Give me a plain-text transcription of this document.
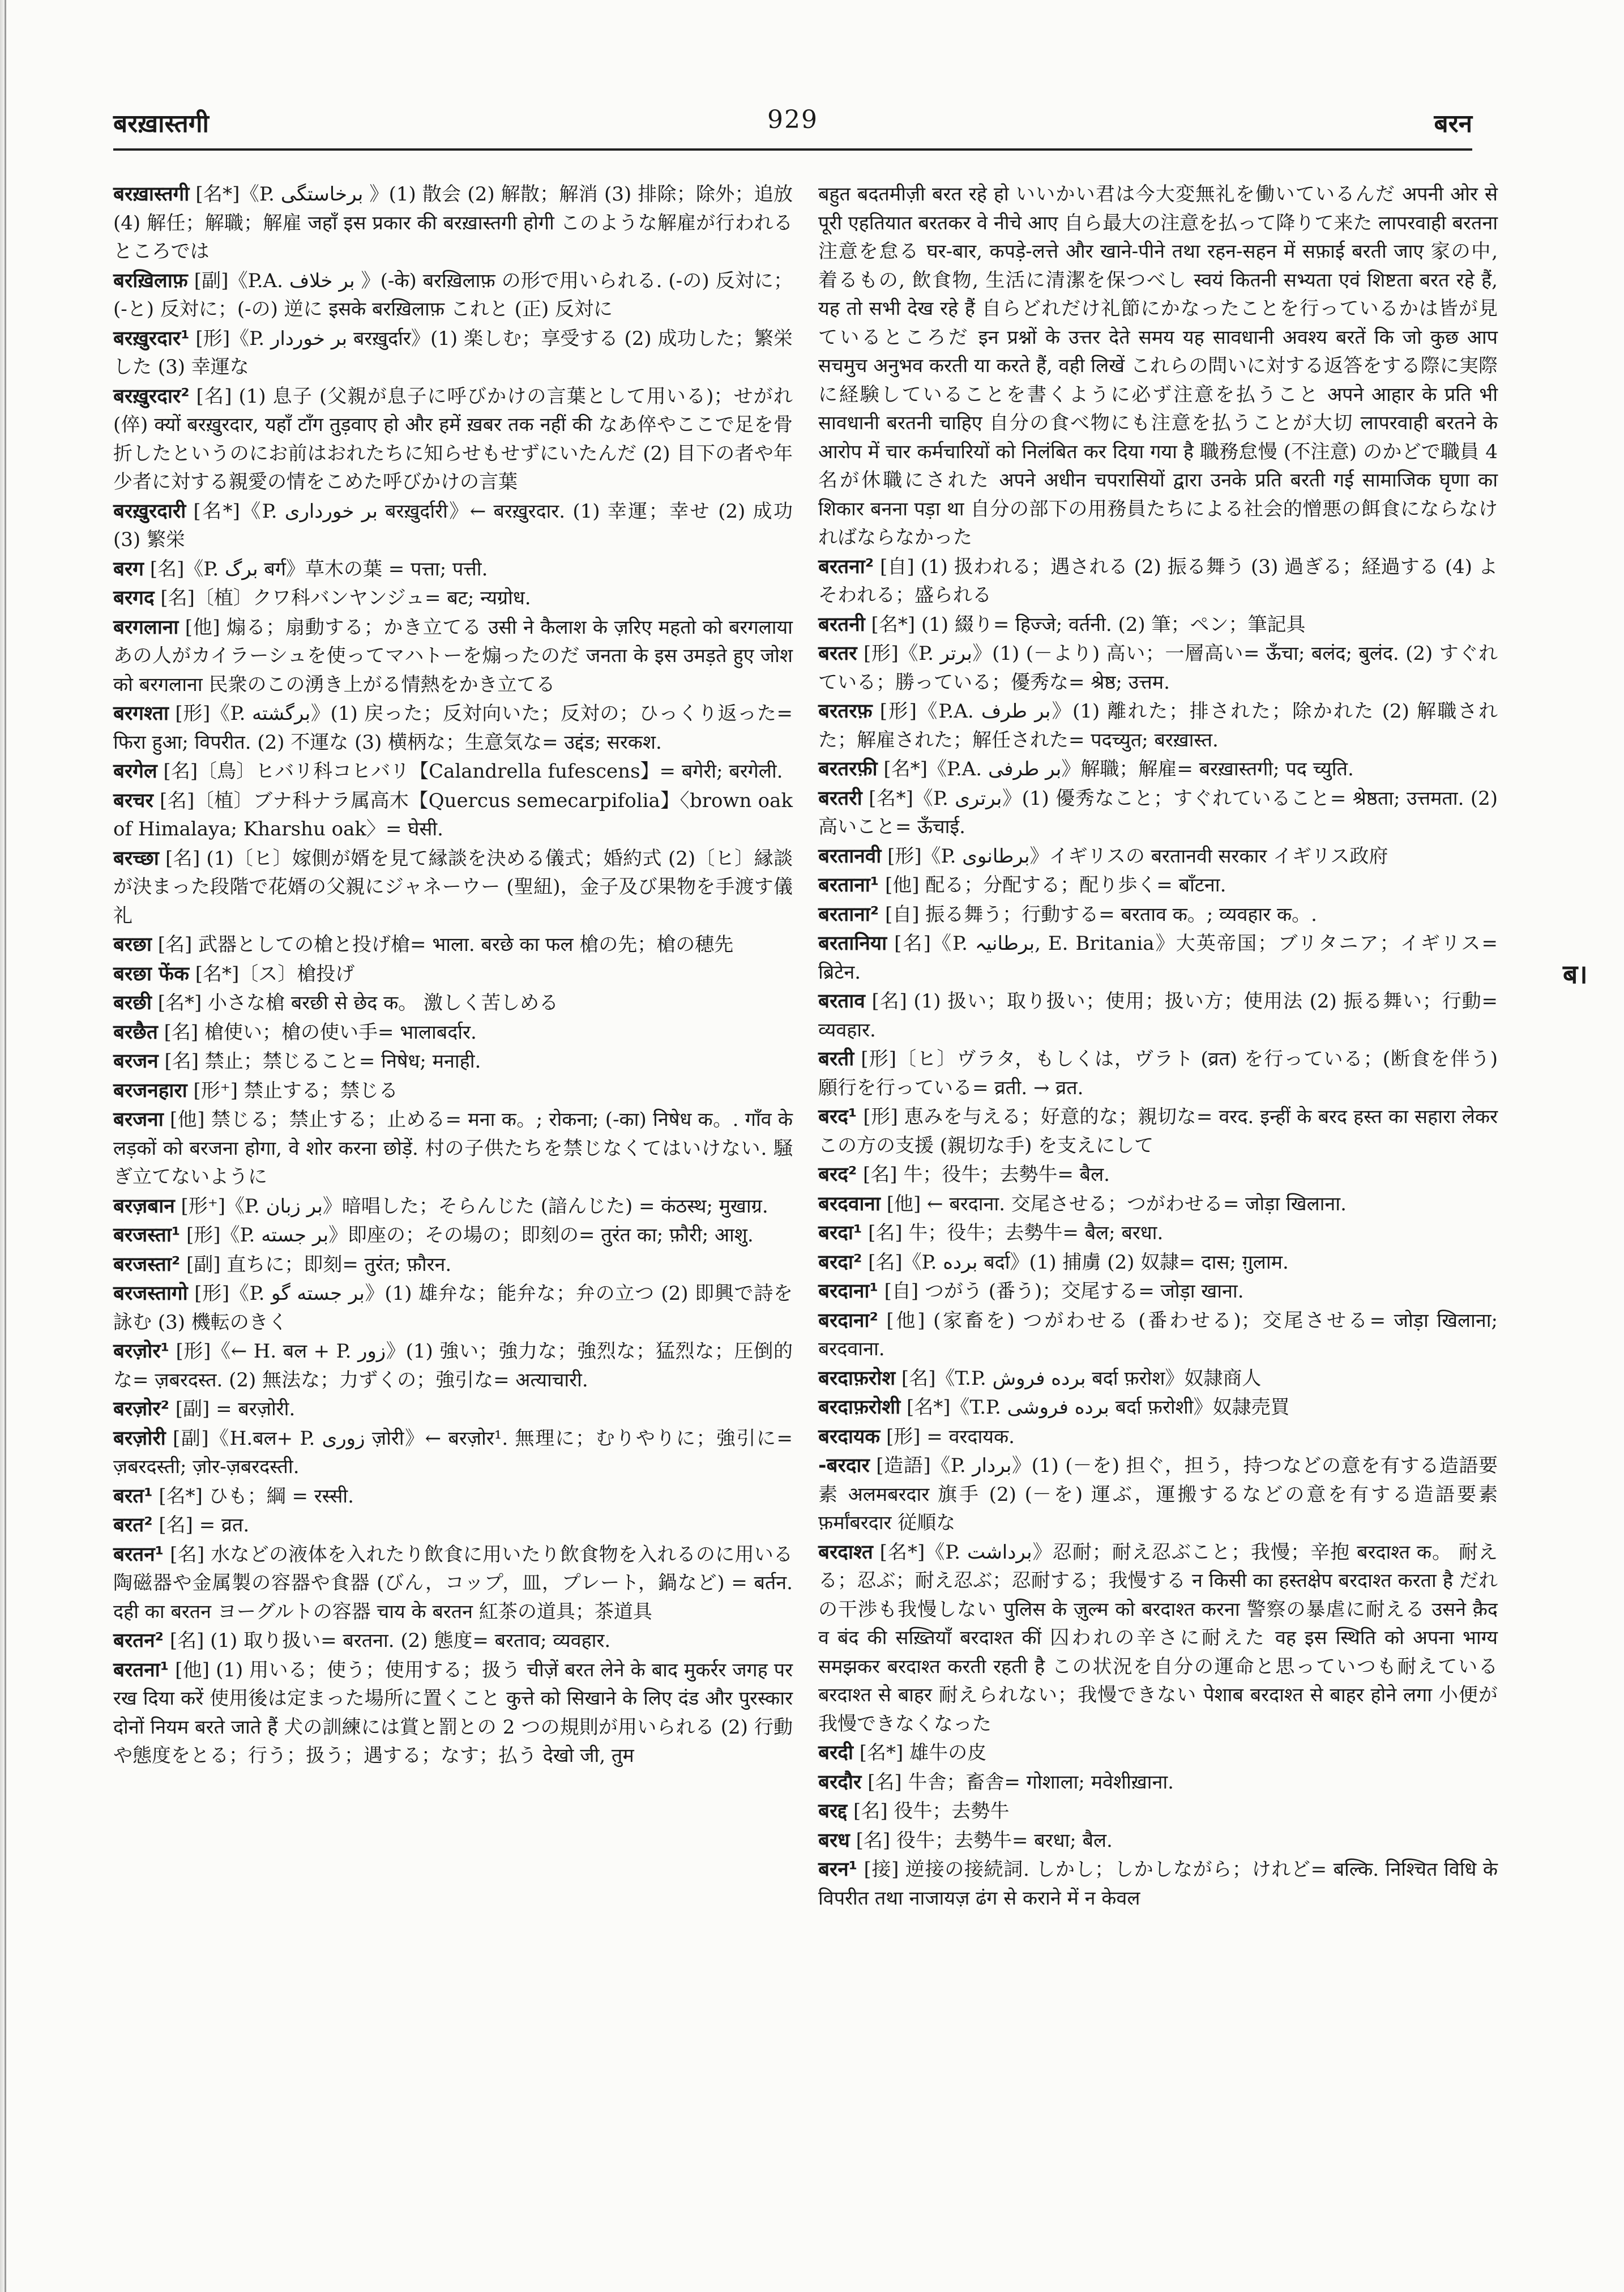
बरख़ास्तगी	929	बरन

बरख़ास्तगी [名*]《P. برخاستگی 》(1) 散会 (2) 解散；解消 (3) 排除；除外；追放 (4) 解任；解職；解雇 जहाँ इस प्रकार की बरख़ास्तगी होगी このような解雇が行われるところでは

बरख़िलाफ़ [副]《P.A. بر خلاف 》(-के) बरख़िलाफ़ の形で用いられる. (-の) 反対に；(-と) 反対に；(-の) 逆に इसके बरख़िलाफ़ これと (正) 反対に

बरख़ुरदार¹ [形]《P. بر خوردار बरख़ुर्दार》(1) 楽しむ；享受する (2) 成功した；繁栄した (3) 幸運な

बरख़ुरदार² [名] (1) 息子 (父親が息子に呼びかけの言葉として用いる)；せがれ (倅) क्यों बरख़ुरदार, यहाँ टाँग तुड़वाए हो और हमें ख़बर तक नहीं की なあ倅やここで足を骨折したというのにお前はおれたちに知らせもせずにいたんだ (2) 目下の者や年少者に対する親愛の情をこめた呼びかけの言葉

बरख़ुरदारी [名*]《P. بر خورداری बरख़ुर्दारी》← बरख़ुरदार. (1) 幸運；幸せ (2) 成功 (3) 繁栄

बरग [名]《P. برگ बर्ग》草木の葉 = पत्ता; पत्ती.

बरगद [名]〔植〕クワ科バンヤンジュ= बट; न्यग्रोध.

बरगलाना [他] 煽る；扇動する；かき立てる उसी ने कैलाश के ज़रिए महतो को बरगलाया あの人がカイラーシュを使ってマハトーを煽ったのだ जनता के इस उमड़ते हुए जोश को बरगलाना 民衆のこの湧き上がる情熱をかき立てる

बरगश्ता [形]《P. برگشته》(1) 戻った；反対向いた；反対の；ひっくり返った= फिरा हुआ; विपरीत. (2) 不運な (3) 横柄な；生意気な= उद्दंड; सरकश.

बरगेल [名]〔鳥〕ヒバリ科コヒバリ【Calandrella fufescens】= बगेरी; बरगेली.

बरचर [名]〔植〕ブナ科ナラ属高木【Quercus semecarpifolia】〈brown oak of Himalaya; Kharshu oak〉= घेसी.

बरच्छा [名] (1)〔ヒ〕嫁側が婿を見て縁談を決める儀式；婚約式 (2)〔ヒ〕縁談が決まった段階で花婿の父親にジャネーウー (聖紐)，金子及び果物を手渡す儀礼

बरछा [名] 武器としての槍と投げ槍= भाला. बरछे का फल 槍の先；槍の穂先

बरछा फेंक [名*]〔ス〕槍投げ

बरछी [名*] 小さな槍 बरछी से छेद क。 激しく苦しめる

बरछैत [名] 槍使い；槍の使い手= भालाबर्दार.

बरजन [名] 禁止；禁じること= निषेध; मनाही.

बरजनहारा [形⁺] 禁止する；禁じる

बरजना [他] 禁じる；禁止する；止める= मना क。; रोकना; (-का) निषेध क。. गाँव के लड़कों को बरजना होगा, वे शोर करना छोड़ें. 村の子供たちを禁じなくてはいけない. 騒ぎ立てないように

बरज़बान [形⁺]《P. بر زبان》暗唱した；そらんじた (諳んじた) = कंठस्थ; मुखाग्र.

बरजस्ता¹ [形]《P. بر جسته》即座の；その場の；即刻の= तुरंत का; फ़ौरी; आशु.

बरजस्ता² [副] 直ちに；即刻= तुरंत; फ़ौरन.

बरजस्तागो [形]《P. بر جسته گو》(1) 雄弁な；能弁な；弁の立つ (2) 即興で詩を詠む (3) 機転のきく

बरज़ोर¹ [形]《← H. बल + P. زور》(1) 強い；強力な；強烈な；猛烈な；圧倒的な= ज़बरदस्त. (2) 無法な；力ずくの；強引な= अत्याचारी.

बरज़ोर² [副] = बरज़ोरी.

बरज़ोरी [副]《H.बल+ P. زوری ज़ोरी》← बरज़ोर¹. 無理に；むりやりに；強引に= ज़बरदस्ती; ज़ोर-ज़बरदस्ती.

बरत¹ [名*] ひも；綱 = रस्सी.

बरत² [名] = व्रत.

बरतन¹ [名] 水などの液体を入れたり飲食に用いたり飲食物を入れるのに用いる陶磁器や金属製の容器や食器 (びん，コップ，皿，プレート，鍋など) = बर्तन. दही का बरतन ヨーグルトの容器 चाय के बरतन 紅茶の道具；茶道具

बरतन² [名] (1) 取り扱い= बरतना. (2) 態度= बरताव; व्यवहार.

बरतना¹ [他] (1) 用いる；使う；使用する；扱う चीज़ें बरत लेने के बाद मुकर्रर जगह पर रख दिया करें 使用後は定まった場所に置くこと कुत्ते को सिखाने के लिए दंड और पुरस्कार दोनों नियम बरते जाते हैं 犬の訓練には賞と罰との 2 つの規則が用いられる (2) 行動や態度をとる；行う；扱う；遇する；なす；払う देखो जी, तुम

बहुत बदतमीज़ी बरत रहे हो いいかい君は今大変無礼を働いているんだ अपनी ओर से पूरी एहतियात बरतकर वे नीचे आए 自ら最大の注意を払って降りて来た लापरवाही बरतना 注意を怠る घर-बार, कपड़े-लत्ते और खाने-पीने तथा रहन-सहन में सफ़ाई बरती जाए 家の中, 着るもの, 飲食物, 生活に清潔を保つべし स्वयं कितनी सभ्यता एवं शिष्टता बरत रहे हैं, यह तो सभी देख रहे हैं 自らどれだけ礼節にかなったことを行っているかは皆が見ているところだ इन प्रश्नों के उत्तर देते समय यह सावधानी अवश्य बरतें कि जो कुछ आप सचमुच अनुभव करती या करते हैं, वही लिखें これらの問いに対する返答をする際に実際に経験していることを書くように必ず注意を払うこと अपने आहार के प्रति भी सावधानी बरतनी चाहिए 自分の食べ物にも注意を払うことが大切 लापरवाही बरतने के आरोप में चार कर्मचारियों को निलंबित कर दिया गया है 職務怠慢 (不注意) のかどで職員 4 名が休職にされた अपने अधीन चपरासियों द्वारा उनके प्रति बरती गई सामाजिक घृणा का शिकार बनना पड़ा था 自分の部下の用務員たちによる社会的憎悪の餌食にならなければならなかった

बरतना² [自] (1) 扱われる；遇される (2) 振る舞う (3) 過ぎる；経過する (4) よそわれる；盛られる

बरतनी [名*] (1) 綴り= हिज्जे; वर्तनी. (2) 筆；ペン；筆記具

बरतर [形]《P. برتر》(1) (－より) 高い；一層高い= ऊँचा; बलंद; बुलंद. (2) すぐれている；勝っている；優秀な= श्रेष्ठ; उत्तम.

बरतरफ़ [形]《P.A. بر طرف》(1) 離れた；排された；除かれた (2) 解職された；解雇された；解任された= पदच्युत; बरख़ास्त.

बरतरफ़ी [名*]《P.A. بر طرفی》解職；解雇= बरख़ास्तगी; पद च्युति.

बरतरी [名*]《P. برتری》(1) 優秀なこと；すぐれていること= श्रेष्ठता; उत्तमता. (2) 高いこと= ऊँचाई.

बरतानवी [形]《P. برطانوی》イギリスの बरतानवी सरकार イギリス政府

बरताना¹ [他] 配る；分配する；配り歩く= बाँटना.

बरताना² [自] 振る舞う；行動する= बरताव क。; व्यवहार क。.

बरतानिया [名]《P. برطانیہ, E. Britania》大英帝国；ブリタニア；イギリス= ब्रिटेन.

बरताव [名] (1) 扱い；取り扱い；使用；扱い方；使用法 (2) 振る舞い；行動= व्यवहार.

बरती [形]〔ヒ〕ヴラタ，もしくは，ヴラト (व्रत) を行っている；(断食を伴う) 願行を行っている= व्रती. → व्रत.

बरद¹ [形] 恵みを与える；好意的な；親切な= वरद. इन्हीं के बरद हस्त का सहारा लेकर この方の支援 (親切な手) を支えにして

बरद² [名] 牛；役牛；去勢牛= बैल.

बरदवाना [他] ← बरदाना. 交尾させる；つがわせる= जोड़ा खिलाना.

बरदा¹ [名] 牛；役牛；去勢牛= बैल; बरधा.

बरदा² [名]《P. برده बर्दा》(1) 捕虜 (2) 奴隷= दास; ग़ुलाम.

बरदाना¹ [自] つがう (番う)；交尾する= जोड़ा खाना.

बरदाना² [他] (家畜を) つがわせる (番わせる)；交尾させる= जोड़ा खिलाना; बरदवाना.

बरदाफ़रोश [名]《T.P. برده فروش बर्दा फ़रोश》奴隷商人

बरदाफ़रोशी [名*]《T.P. برده فروشی बर्दा फ़रोशी》奴隷売買

बरदायक [形] = वरदायक.

-बरदार [造語]《P. بردار》(1) (－を) 担ぐ，担う，持つなどの意を有する造語要素 अलमबरदार 旗手 (2) (－を) 運ぶ，運搬するなどの意を有する造語要素 फ़र्मांबरदार 従順な

बरदाश्त [名*]《P. برداشت》忍耐；耐え忍ぶこと；我慢；辛抱 बरदाश्त क。 耐える；忍ぶ；耐え忍ぶ；忍耐する；我慢する न किसी का हस्तक्षेप बरदाश्त करता है だれの干渉も我慢しない पुलिस के ज़ुल्म को बरदाश्त करना 警察の暴虐に耐える उसने क़ैद व बंद की सख़्तियाँ बरदाश्त कीं 囚われの辛さに耐えた वह इस स्थिति को अपना भाग्य समझकर बरदाश्त करती रहती है この状況を自分の運命と思っていつも耐えている बरदाश्त से बाहर 耐えられない；我慢できない पेशाब बरदाश्त से बाहर होने लगा 小便が我慢できなくなった

बरदी [名*] 雄牛の皮

बरदौर [名] 牛舎；畜舎= गोशाला; मवेशीख़ाना.

बरद्द [名] 役牛；去勢牛

बरध [名] 役牛；去勢牛= बरधा; बैल.

बरन¹ [接] 逆接の接続詞. しかし；しかしながら；けれど= बल्कि. निश्चित विधि के विपरीत तथा नाजायज़ ढंग से कराने में न केवल

ब।
